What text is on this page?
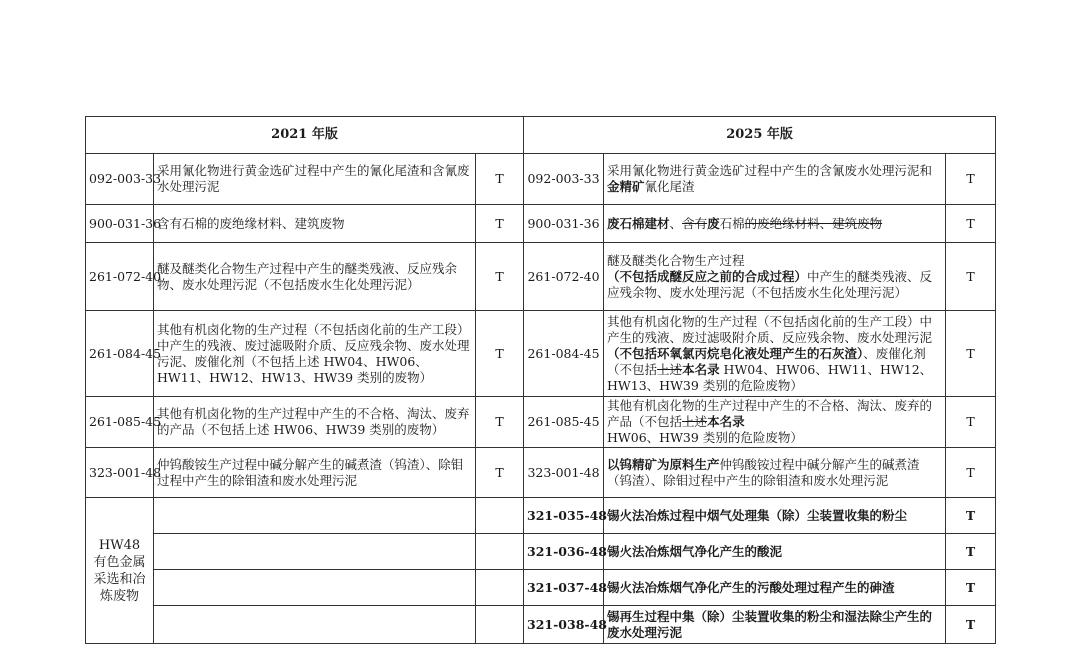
2021 年版			2025 年版		
092-003-33	采用氰化物进行黄金选矿过程中产生的氰化尾渣和含氰废水处理污泥	T	092-003-33	采用氰化物进行黄金选矿过程中产生的含氰废水处理污泥和金精矿氰化尾渣	T
900-031-36	含有石棉的废绝缘材料、建筑废物	T	900-031-36	废石棉建材、含有废石棉的废绝缘材料、建筑废物	T
261-072-40	醚及醚类化合物生产过程中产生的醚类残液、反应残余物、废水处理污泥（不包括废水生化处理污泥）	T	261-072-40	醚及醚类化合物生产过程（不包括成醚反应之前的合成过程）中产生的醚类残液、反应残余物、废水处理污泥（不包括废水生化处理污泥）	T
261-084-45	其他有机卤化物的生产过程（不包括卤化前的生产工段）中产生的残液、废过滤吸附介质、反应残余物、废水处理污泥、废催化剂（不包括上述 HW04、HW06、HW11、HW12、HW13、HW39 类别的废物）	T	261-084-45	其他有机卤化物的生产过程（不包括卤化前的生产工段）中产生的残液、废过滤吸附介质、反应残余物、废水处理污泥（不包括环氧氯丙烷皂化液处理产生的石灰渣）、废催化剂（不包括上述本名录 HW04、HW06、HW11、HW12、HW13、HW39 类别的危险废物）	T
261-085-45	其他有机卤化物的生产过程中产生的不合格、淘汰、废弃的产品（不包括上述 HW06、HW39 类别的废物）	T	261-085-45	其他有机卤化物的生产过程中产生的不合格、淘汰、废弃的产品（不包括上述本名录 HW06、HW39 类别的危险废物）	T
323-001-48	仲钨酸铵生产过程中碱分解产生的碱煮渣（钨渣）、除钼过程中产生的除钼渣和废水处理污泥	T	323-001-48	以钨精矿为原料生产仲钨酸铵过程中碱分解产生的碱煮渣（钨渣）、除钼过程中产生的除钼渣和废水处理污泥	T

HW48
有色金属
采选和冶
炼废物			321-035-48	锡火法冶炼过程中烟气处理集（除）尘装置收集的粉尘	T
			321-036-48	锡火法冶炼烟气净化产生的酸泥	T
			321-037-48	锡火法冶炼烟气净化产生的污酸处理过程产生的砷渣	T
			321-038-48	锡再生过程中集（除）尘装置收集的粉尘和湿法除尘产生的废水处理污泥	T
